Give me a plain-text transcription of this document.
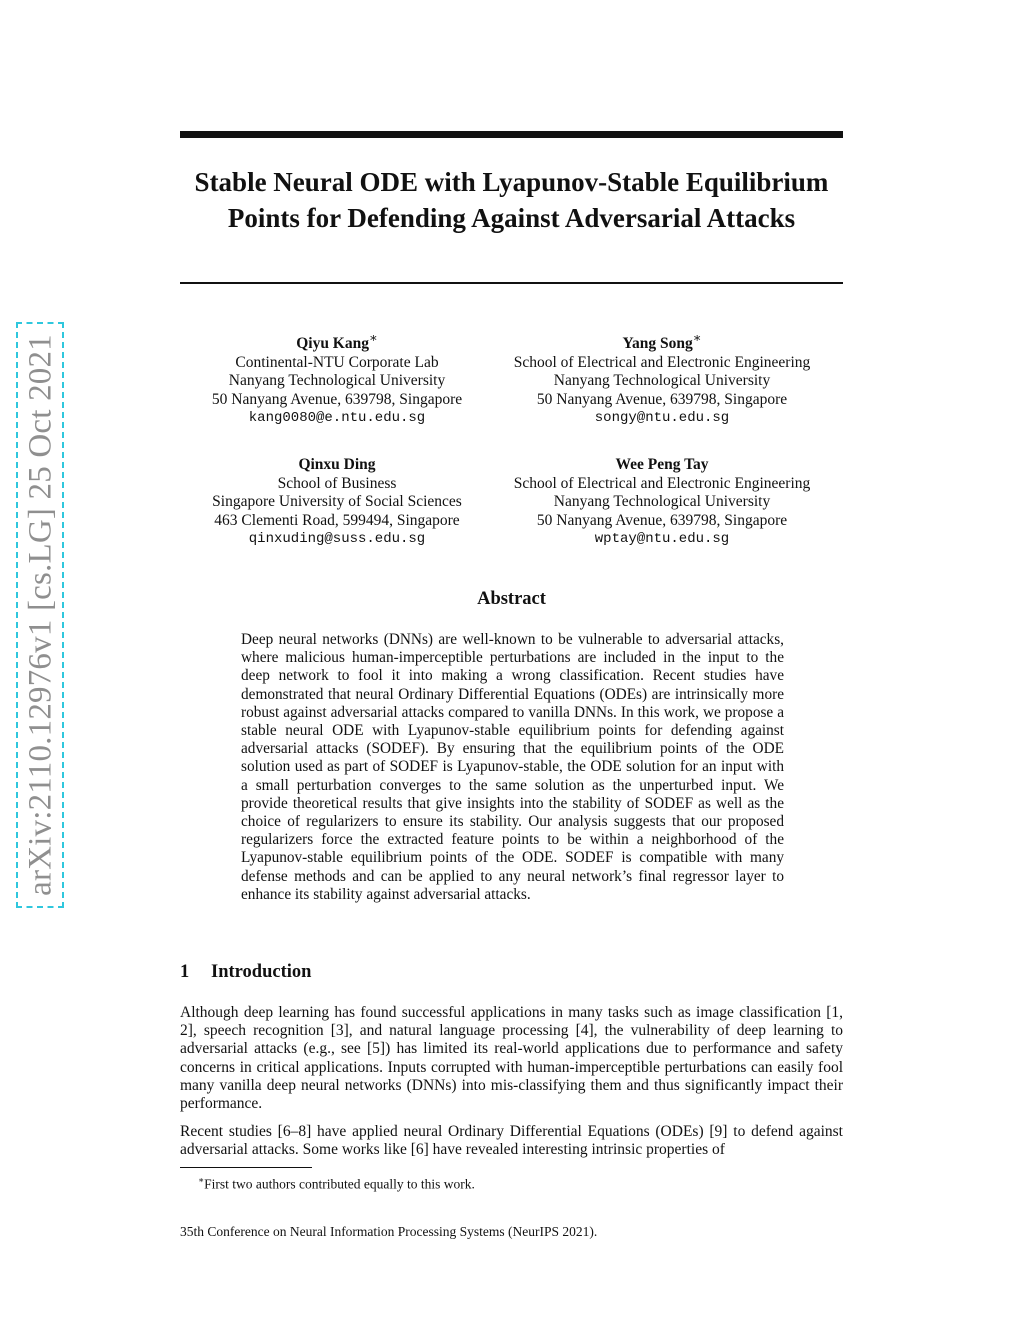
arXiv:2110.12976v1 [cs.LG] 25 Oct 2021
Stable Neural ODE with Lyapunov-Stable Equilibrium Points for Defending Against Adversarial Attacks
Qiyu Kang∗
Continental-NTU Corporate Lab
Nanyang Technological University
50 Nanyang Avenue, 639798, Singapore
kang0080@e.ntu.edu.sg
Yang Song∗
School of Electrical and Electronic Engineering
Nanyang Technological University
50 Nanyang Avenue, 639798, Singapore
songy@ntu.edu.sg
Qinxu Ding
School of Business
Singapore University of Social Sciences
463 Clementi Road, 599494, Singapore
qinxuding@suss.edu.sg
Wee Peng Tay
School of Electrical and Electronic Engineering
Nanyang Technological University
50 Nanyang Avenue, 639798, Singapore
wptay@ntu.edu.sg
Abstract

Deep neural networks (DNNs) are well-known to be vulnerable to adversarial attacks, where malicious human-imperceptible perturbations are included in the input to the deep network to fool it into making a wrong classification. Recent studies have demonstrated that neural Ordinary Differential Equations (ODEs) are intrinsically more robust against adversarial attacks compared to vanilla DNNs. In this work, we propose a stable neural ODE with Lyapunov-stable equilibrium points for defending against adversarial attacks (SODEF). By ensuring that the equilibrium points of the ODE solution used as part of SODEF is Lyapunov-stable, the ODE solution for an input with a small perturbation converges to the same solution as the unperturbed input. We provide theoretical results that give insights into the stability of SODEF as well as the choice of regularizers to ensure its stability. Our analysis suggests that our proposed regularizers force the extracted feature points to be within a neighborhood of the Lyapunov-stable equilibrium points of the ODE. SODEF is compatible with many defense methods and can be applied to any neural network’s final regressor layer to enhance its stability against adversarial attacks.

1 Introduction

Although deep learning has found successful applications in many tasks such as image classification [1, 2], speech recognition [3], and natural language processing [4], the vulnerability of deep learning to adversarial attacks (e.g., see [5]) has limited its real-world applications due to performance and safety concerns in critical applications. Inputs corrupted with human-imperceptible perturbations can easily fool many vanilla deep neural networks (DNNs) into mis-classifying them and thus significantly impact their performance.

Recent studies [6–8] have applied neural Ordinary Differential Equations (ODEs) [9] to defend against adversarial attacks. Some works like [6] have revealed interesting intrinsic properties of

∗First two authors contributed equally to this work.

35th Conference on Neural Information Processing Systems (NeurIPS 2021).
